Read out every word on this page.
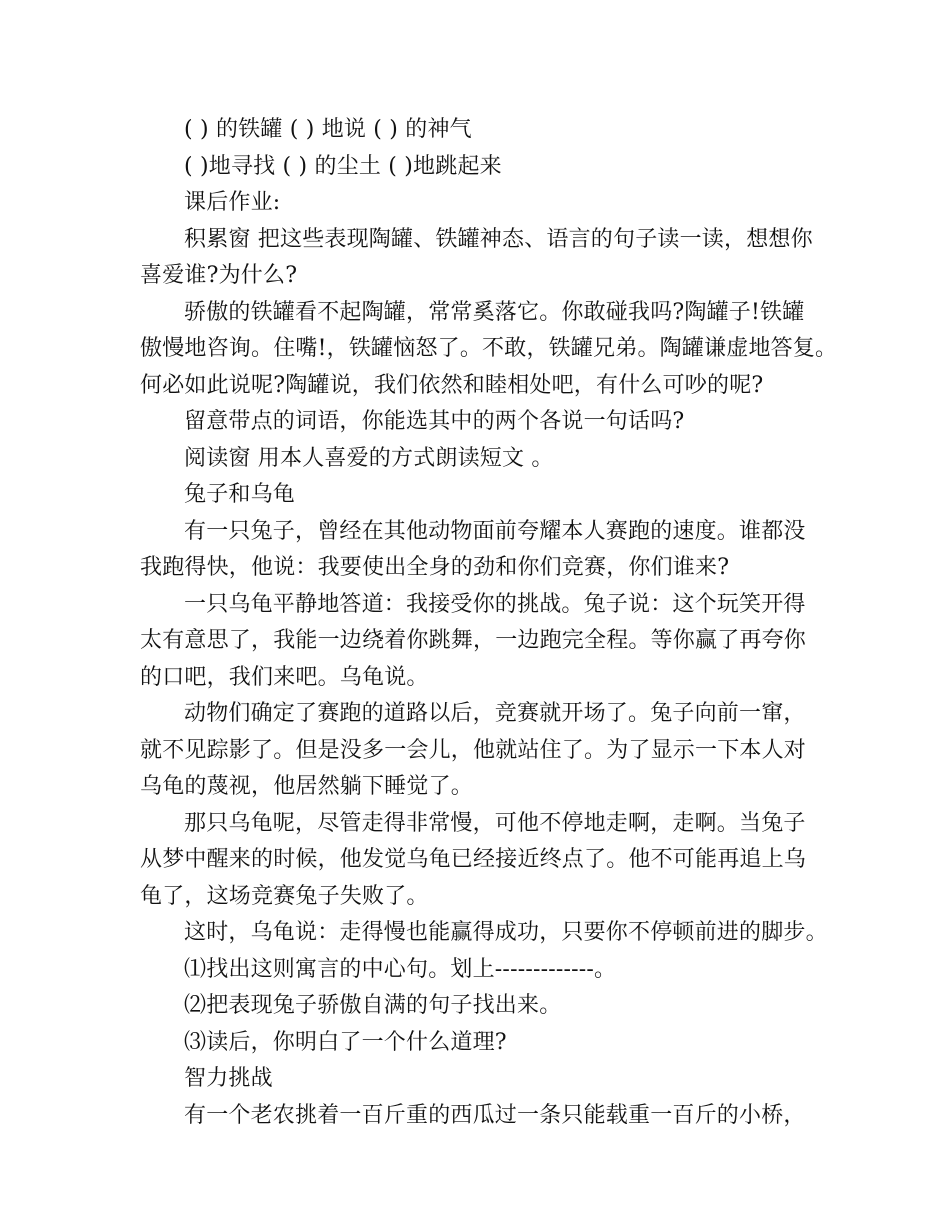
( ) 的铁罐 ( ) 地说 ( ) 的神气

( )地寻找 ( ) 的尘土 ( )地跳起来

课后作业:

积累窗 把这些表现陶罐、铁罐神态、语言的句子读一读，想想你

喜爱谁?为什么?

骄傲的铁罐看不起陶罐，常常奚落它。你敢碰我吗?陶罐子!铁罐

傲慢地咨询。住嘴!，铁罐恼怒了。不敢，铁罐兄弟。陶罐谦虚地答复。

何必如此说呢?陶罐说，我们依然和睦相处吧，有什么可吵的呢?

留意带点的词语，你能选其中的两个各说一句话吗?

阅读窗 用本人喜爱的方式朗读短文 。

兔子和乌龟

有一只兔子，曾经在其他动物面前夸耀本人赛跑的速度。谁都没

我跑得快，他说：我要使出全身的劲和你们竞赛，你们谁来?

一只乌龟平静地答道：我接受你的挑战。兔子说：这个玩笑开得

太有意思了，我能一边绕着你跳舞，一边跑完全程。等你赢了再夸你

的口吧，我们来吧。乌龟说。

动物们确定了赛跑的道路以后，竞赛就开场了。兔子向前一窜，

就不见踪影了。但是没多一会儿，他就站住了。为了显示一下本人对

乌龟的蔑视，他居然躺下睡觉了。

那只乌龟呢，尽管走得非常慢，可他不停地走啊，走啊。当兔子

从梦中醒来的时候，他发觉乌龟已经接近终点了。他不可能再追上乌

龟了，这场竞赛兔子失败了。

这时，乌龟说：走得慢也能赢得成功，只要你不停顿前进的脚步。

⑴找出这则寓言的中心句。划上-------------。

⑵把表现兔子骄傲自满的句子找出来。

⑶读后，你明白了一个什么道理?

智力挑战

有一个老农挑着一百斤重的西瓜过一条只能载重一百斤的小桥，
